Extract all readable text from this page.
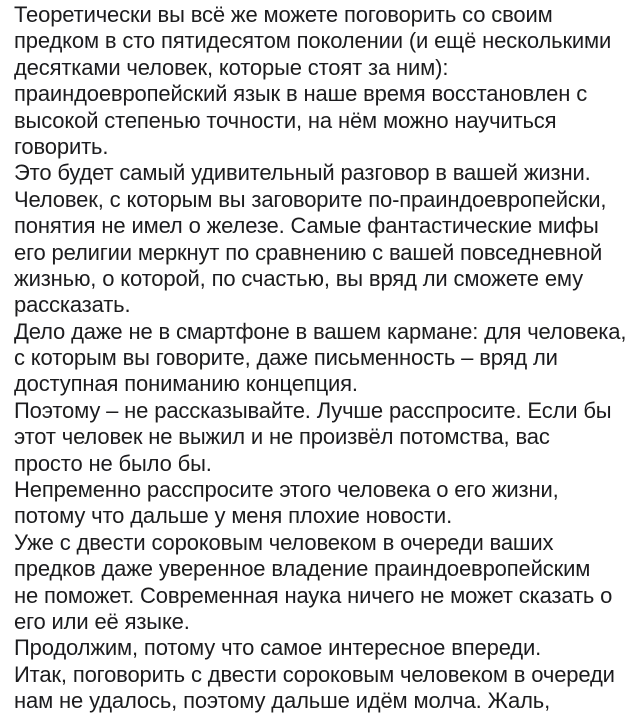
Теоретически вы всё же можете поговорить со своим
предком в сто пятидесятом поколении (и ещё несколькими
десятками человек, которые стоят за ним):
праиндоевропейский язык в наше время восстановлен с
высокой степенью точности, на нём можно научиться
говорить.
Это будет самый удивительный разговор в вашей жизни.
Человек, с которым вы заговорите по-праиндоевропейски,
понятия не имел о железе. Самые фантастические мифы
его религии меркнут по сравнению с вашей повседневной
жизнью, о которой, по счастью, вы вряд ли сможете ему
рассказать.
Дело даже не в смартфоне в вашем кармане: для человека,
с которым вы говорите, даже письменность – вряд ли
доступная пониманию концепция.
Поэтому – не рассказывайте. Лучше расспросите. Если бы
этот человек не выжил и не произвёл потомства, вас
просто не было бы.
Непременно расспросите этого человека о его жизни,
потому что дальше у меня плохие новости.
Уже с двести сороковым человеком в очереди ваших
предков даже уверенное владение праиндоевропейским
не поможет. Современная наука ничего не может сказать о
его или её языке.
Продолжим, потому что самое интересное впереди.
Итак, поговорить с двести сороковым человеком в очереди
нам не удалось, поэтому дальше идём молча. Жаль,
